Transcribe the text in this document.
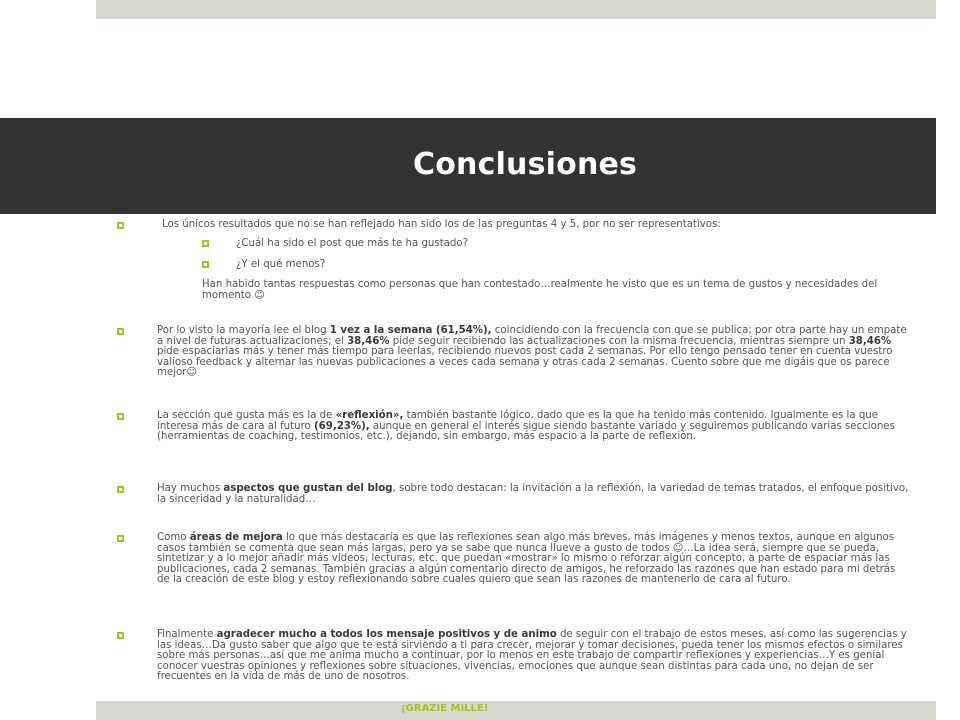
Conclusiones
Los únicos resultados que no se han reflejado han sido los de las preguntas 4 y 5, por no ser representativos:
¿Cuál ha sido el post que más te ha gustado?
¿Y el qué menos?
Han habido tantas respuestas como personas que han contestado…realmente he visto que es un tema de gustos y necesidades del momento ☺
Por lo visto la mayoría lee el blog 1 vez a la semana (61,54%), coincidiendo con la frecuencia con que se publica; por otra parte hay un empate a nivel de futuras actualizaciones; el 38,46% pide seguir recibiendo las actualizaciones con la misma frecuencia, mientras siempre un 38,46% pide espaciarlas más y tener más tiempo para leerlas, recibiendo nuevos post cada 2 semanas. Por ello tengo pensado tener en cuenta vuestro valioso feedback y alternar las nuevas publicaciones a veces cada semana y otras cada 2 semanas. Cuento sobre que me digáis que os parece mejor☺
La sección que gusta más es la de «reflexión», también bastante lógico, dado que es la que ha tenido más contenido. Igualmente es la que interesa más de cara al futuro (69,23%), aunque en general el interés sigue siendo bastante variado y seguiremos publicando varias secciones (herramientas de coaching, testimonios, etc.), dejando, sin embargo, más espacio a la parte de reflexión.
Hay muchos aspectos que gustan del blog, sobre todo destacan: la invitación a la reflexión, la variedad de temas tratados, el enfoque positivo, la sinceridad y la naturalidad…
Como áreas de mejora lo que más destacaría es que las reflexiones sean algo más breves, más imágenes y menos textos, aunque en algunos casos también se comenta que sean más largas, pero ya se sabe que nunca llueve a gusto de todos ☺…La idea será, siempre que se pueda, sintetizar y a lo mejor añadir más videos, lecturas, etc. que puedan «mostrar» lo mismo o reforzar algún concepto, a parte de espaciar más las publicaciones, cada 2 semanas. También gracias a algún comentario directo de amigos, he reforzado las razones que han estado para mi detrás de la creación de este blog y estoy reflexionando sobre cuales quiero que sean las razones de mantenerlo de cara al futuro.
Finalmente agradecer mucho a todos los mensaje positivos y de animo de seguir con el trabajo de estos meses, así como las sugerencias y las ideas…Da gusto saber que algo que te está sirviendo a ti para crecer, mejorar y tomar decisiones, pueda tener los mismos efectos o similares sobre más personas…así que me anima mucho a continuar, por lo menos en este trabajo de compartir reflexiones y experiencias…Y es genial conocer vuestras opiniones y reflexiones sobre situaciones, vivencias, emociones que aunque sean distintas para cada uno, no dejan de ser frecuentes en la vida de más de uno de nosotros.
¡GRAZIE MILLE!
